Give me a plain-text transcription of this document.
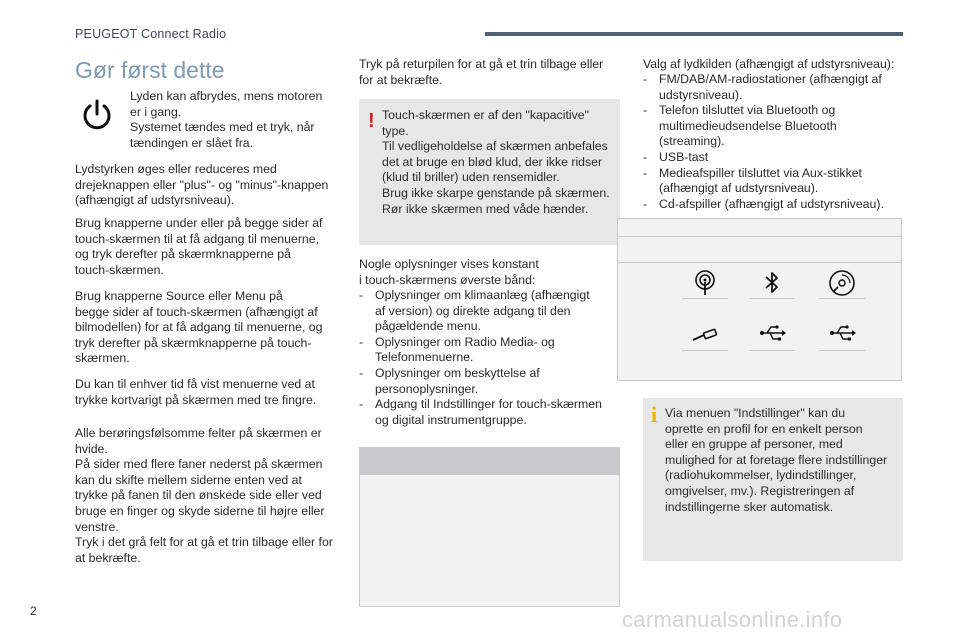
PEUGEOT Connect Radio
Gør først dette

Lyden kan afbrydes, mens motoren
er i gang.
Systemet tændes med et tryk, når
tændingen er slået fra.

Lydstyrken øges eller reduceres med
drejeknappen eller "plus"- og "minus"-knappen
(afhængigt af udstyrsniveau).

Brug knapperne under eller på begge sider af
touch-skærmen til at få adgang til menuerne,
og tryk derefter på skærmknapperne på
touch-skærmen.

Brug knapperne Source eller Menu på
begge sider af touch-skærmen (afhængigt af
bilmodellen) for at få adgang til menuerne, og
tryk derefter på skærmknapperne på touch-
skærmen.

Du kan til enhver tid få vist menuerne ved at
trykke kortvarigt på skærmen med tre fingre.

Alle berøringsfølsomme felter på skærmen er
hvide.
På sider med flere faner nederst på skærmen
kan du skifte mellem siderne enten ved at
trykke på fanen til den ønskede side eller ved
bruge en finger og skyde siderne til højre eller
venstre.
Tryk i det grå felt for at gå et trin tilbage eller for
at bekræfte.

Tryk på returpilen for at gå et trin tilbage eller
for at bekræfte.

! Touch-skærmen er af den "kapacitive"
type.
Til vedligeholdelse af skærmen anbefales
det at bruge en blød klud, der ikke ridser
(klud til briller) uden rensemidler.
Brug ikke skarpe genstande på skærmen.
Rør ikke skærmen med våde hænder.

Nogle oplysninger vises konstant
i touch-skærmens øverste bånd:

- Oplysninger om klimaanlæg (afhængigt
af version) og direkte adgang til den
pågældende menu.
- Oplysninger om Radio Media- og
Telefonmenuerne.
- Oplysninger om beskyttelse af
personoplysninger.
- Adgang til Indstillinger for touch-skærmen
og digital instrumentgruppe.

Valg af lydkilden (afhængigt af udstyrsniveau):

- FM/DAB/AM-radiostationer (afhængigt af
udstyrsniveau).
- Telefon tilsluttet via Bluetooth og
multimedieudsendelse Bluetooth
(streaming).
- USB-tast
- Medieafspiller tilsluttet via Aux-stikket
(afhængigt af udstyrsniveau).
- Cd-afspiller (afhængigt af udstyrsniveau).
i Via menuen "Indstillinger" kan du
oprette en profil for en enkelt person
eller en gruppe af personer, med
mulighed for at foretage flere indstillinger
(radiohukommelser, lydindstillinger,
omgivelser, mv.). Registreringen af
indstillingerne sker automatisk.
2	carmanualsonline.info
